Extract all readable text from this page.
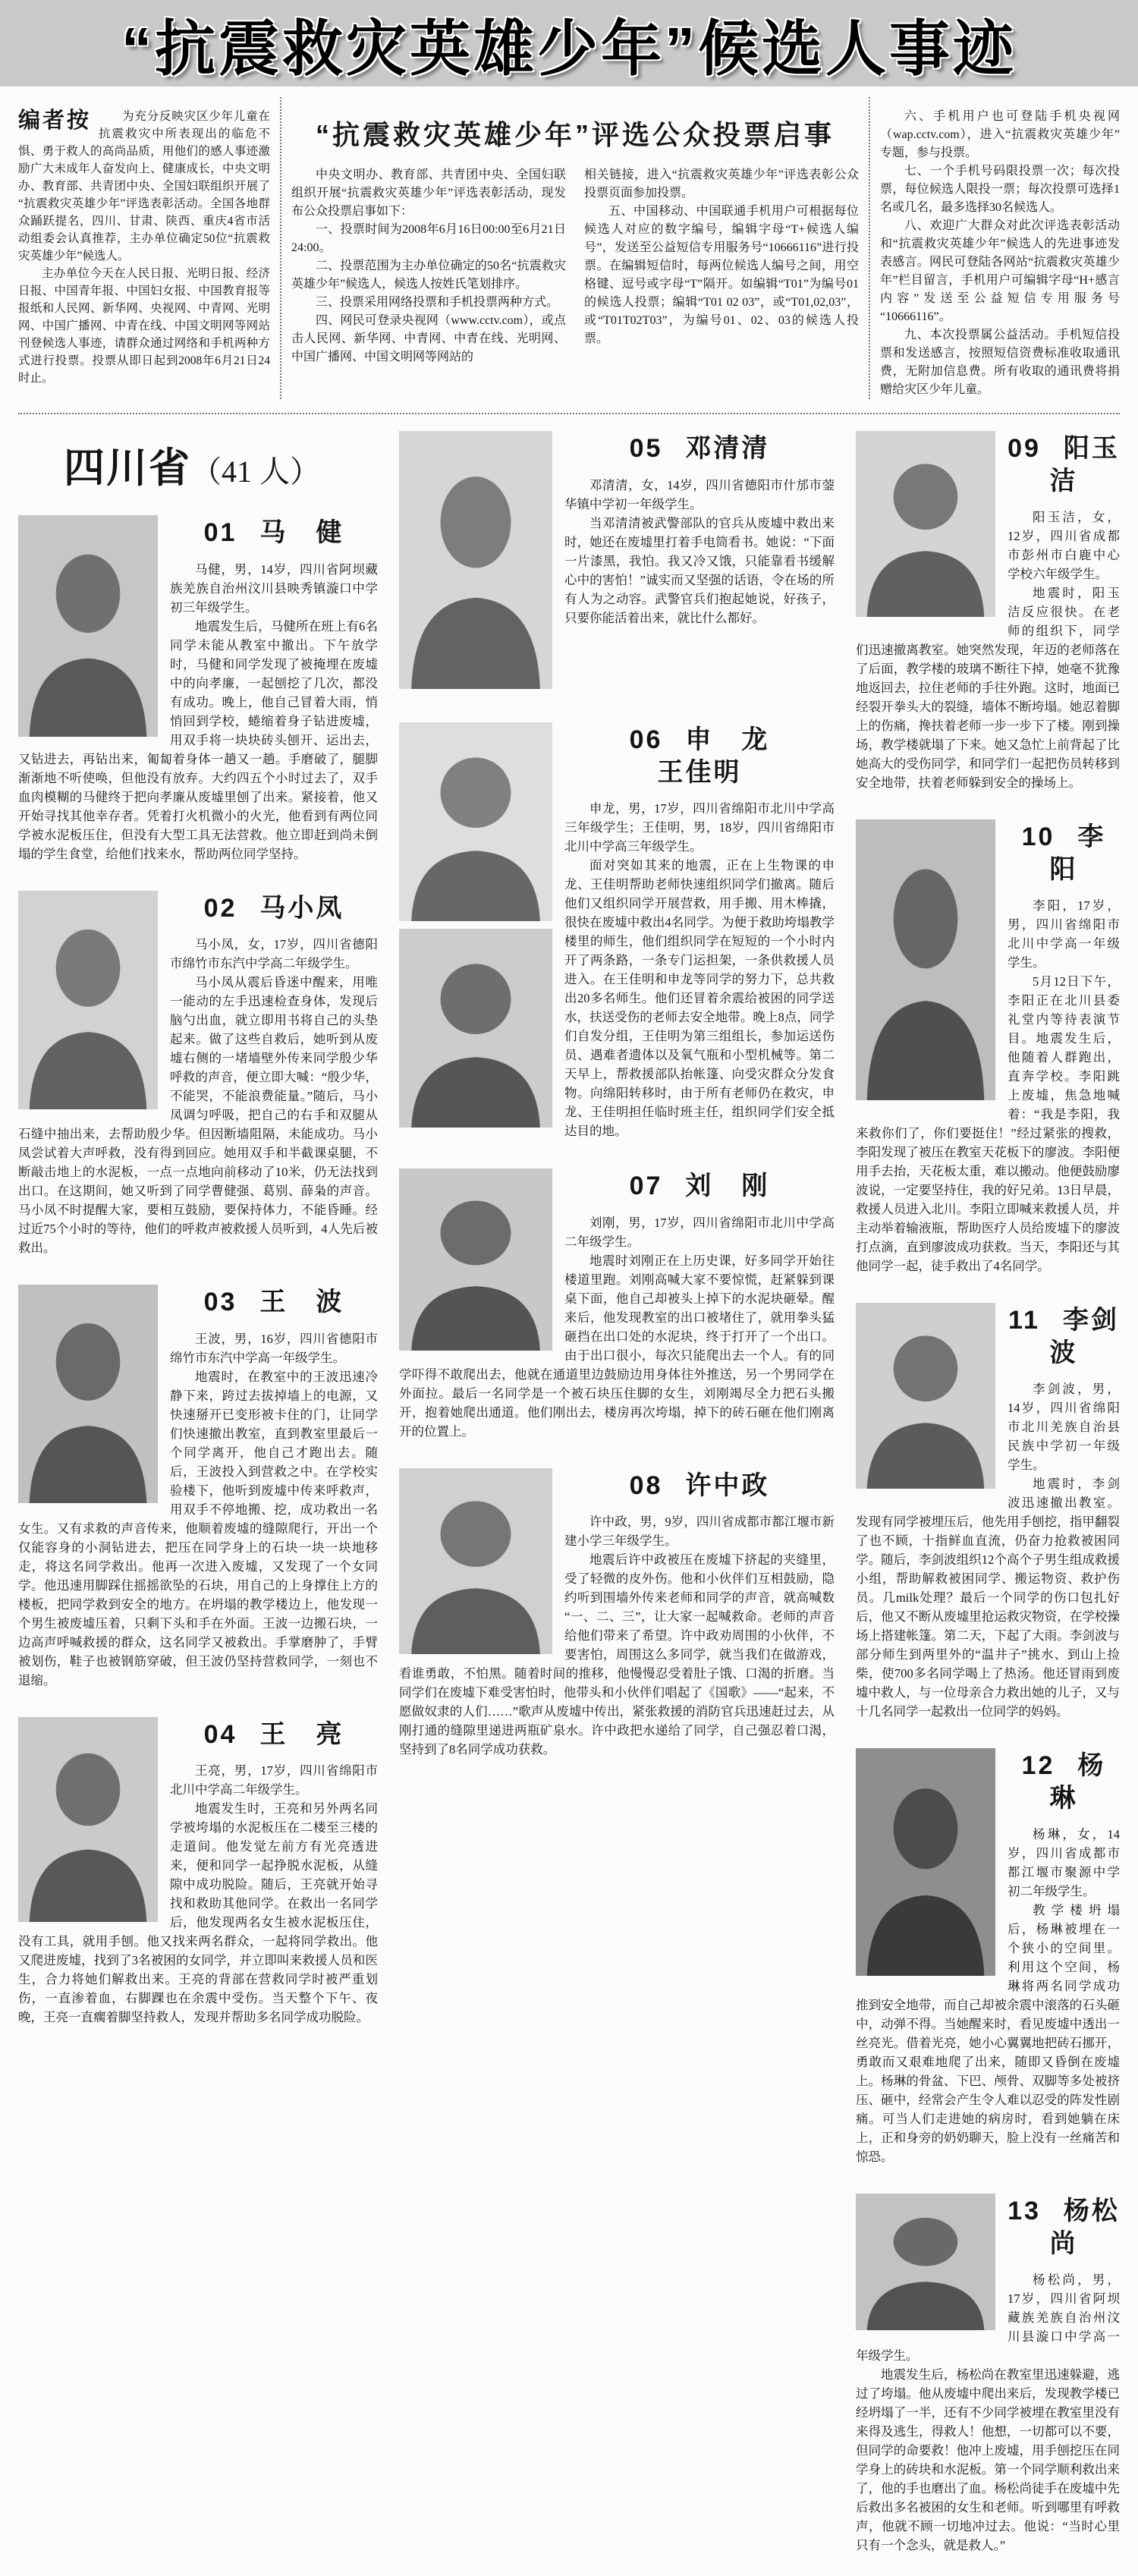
“抗震救灾英雄少年”候选人事迹
编者按	为充分反映灾区少年儿童在抗震救灾中所表现出的临危不惧、勇于救人的高尚品质，用他们的感人事迹激励广大未成年人奋发向上、健康成长，中央文明办、教育部、共青团中央、全国妇联组织开展了“抗震救灾英雄少年”评选表彰活动。全国各地群众踊跃提名，四川、甘肃、陕西、重庆4省市活动组委会认真推荐，主办单位确定50位“抗震救灾英雄少年”候选人。

主办单位今天在人民日报、光明日报、经济日报、中国青年报、中国妇女报、中国教育报等报纸和人民网、新华网、央视网、中青网、光明网、中国广播网、中青在线、中国文明网等网站刊登候选人事迹，请群众通过网络和手机两种方式进行投票。投票从即日起到2008年6月21日24时止。

“抗震救灾英雄少年”评选公众投票启事

中央文明办、教育部、共青团中央、全国妇联组织开展“抗震救灾英雄少年”评选表彰活动，现发布公众投票启事如下：

一、投票时间为2008年6月16日00:00至6月21日24:00。

二、投票范围为主办单位确定的50名“抗震救灾英雄少年”候选人，候选人按姓氏笔划排序。

三、投票采用网络投票和手机投票两种方式。

四、网民可登录央视网（www.cctv.com），或点击人民网、新华网、中青网、中青在线、光明网、中国广播网、中国文明网等网站的

相关链接，进入“抗震救灾英雄少年”评选表彰公众投票页面参加投票。

五、中国移动、中国联通手机用户可根据每位候选人对应的数字编号，编辑字母“T+候选人编号”，发送至公益短信专用服务号“10666116”进行投票。在编辑短信时，每两位候选人编号之间，用空格键、逗号或字母“T”隔开。如编辑“T01”为编号01的候选人投票；编辑“T01 02 03”，或“T01,02,03”，或“T01T02T03”，为编号01、02、03的候选人投票。

六、手机用户也可登陆手机央视网（wap.cctv.com），进入“抗震救灾英雄少年”专题，参与投票。

七、一个手机号码限投票一次；每次投票，每位候选人限投一票；每次投票可选择1名或几名，最多选择30名候选人。

八、欢迎广大群众对此次评选表彰活动和“抗震救灾英雄少年”候选人的先进事迹发表感言。网民可登陆各网站“抗震救灾英雄少年”栏目留言，手机用户可编辑字母“H+感言内容”发送至公益短信专用服务号“10666116”。

九、本次投票属公益活动。手机短信投票和发送感言，按照短信资费标准收取通讯费，无附加信息费。所有收取的通讯费将捐赠给灾区少年儿童。

四川省（41 人）
01 马　健

马健，男，14岁，四川省阿坝藏族羌族自治州汶川县映秀镇漩口中学初三年级学生。

地震发生后，马健所在班上有6名同学未能从教室中撤出。下午放学时，马健和同学发现了被掩埋在废墟中的向孝廉，一起刨挖了几次，都没有成功。晚上，他自己冒着大雨，悄悄回到学校，蜷缩着身子钻进废墟，用双手将一块块砖头刨开、运出去，又钻进去，再钻出来，匍匐着身体一趟又一趟。手磨破了，腿脚渐渐地不听使唤，但他没有放弃。大约四五个小时过去了，双手血肉模糊的马健终于把向孝廉从废墟里刨了出来。紧接着，他又开始寻找其他幸存者。凭着打火机微小的火光，他看到有两位同学被水泥板压住，但没有大型工具无法营救。他立即赶到尚未倒塌的学生食堂，给他们找来水，帮助两位同学坚持。

02 马小凤

马小凤，女，17岁，四川省德阳市绵竹市东汽中学高二年级学生。

马小凤从震后昏迷中醒来，用唯一能动的左手迅速检查身体，发现后脑勺出血，就立即用书将自己的头垫起来。做了这些自救后，她听到从废墟右侧的一堵墙壁外传来同学殷少华呼救的声音，便立即大喊：“殷少华，不能哭，不能浪费能量。”随后，马小凤调匀呼吸，把自己的右手和双腿从石缝中抽出来，去帮助殷少华。但因断墙阻隔，未能成功。马小凤尝试着大声呼救，没有得到回应。她用双手和半截课桌腿，不断敲击地上的水泥板，一点一点地向前移动了10米，仍无法找到出口。在这期间，她又听到了同学曹健强、葛别、薛枭的声音。马小凤不时提醒大家，要相互鼓励，要保持体力，不能昏睡。经过近75个小时的等待，他们的呼救声被救援人员听到，4人先后被救出。

03 王　波

王波，男，16岁，四川省德阳市绵竹市东汽中学高一年级学生。

地震时，在教室中的王波迅速冷静下来，跨过去拔掉墙上的电源，又快速掰开已变形被卡住的门，让同学们快速撤出教室，直到教室里最后一个同学离开，他自己才跑出去。随后，王波投入到营救之中。在学校实验楼下，他听到废墟中传来呼救声，用双手不停地搬、挖，成功救出一名女生。又有求救的声音传来，他顺着废墟的缝隙爬行，开出一个仅能容身的小洞钻进去，把压在同学身上的石块一块一块地移走，将这名同学救出。他再一次进入废墟，又发现了一个女同学。他迅速用脚踩住摇摇欲坠的石块，用自己的上身撑住上方的楼板，把同学救到安全的地方。在坍塌的教学楼边上，他发现一个男生被废墟压着，只剩下头和手在外面。王波一边搬石块，一边高声呼喊救援的群众，这名同学又被救出。手掌磨肿了，手臂被划伤，鞋子也被钢筋穿破，但王波仍坚持营救同学，一刻也不退缩。

04 王　亮

王亮，男，17岁，四川省绵阳市北川中学高二年级学生。

地震发生时，王亮和另外两名同学被垮塌的水泥板压在二楼至三楼的走道间。他发觉左前方有光亮透进来，便和同学一起挣脱水泥板，从缝隙中成功脱险。随后，王亮就开始寻找和救助其他同学。在救出一名同学后，他发现两名女生被水泥板压住，没有工具，就用手刨。他又找来两名群众，一起将同学救出。他又爬进废墟，找到了3名被困的女同学，并立即叫来救援人员和医生，合力将她们解救出来。王亮的背部在营救同学时被严重划伤，一直渗着血，右脚踝也在余震中受伤。当天整个下午、夜晚，王亮一直瘸着脚坚持救人，发现并帮助多名同学成功脱险。

05 邓清清

邓清清，女，14岁，四川省德阳市什邡市蓥华镇中学初一年级学生。

当邓清清被武警部队的官兵从废墟中救出来时，她还在废墟里打着手电筒看书。她说：“下面一片漆黑，我怕。我又冷又饿，只能靠看书缓解心中的害怕！”诚实而又坚强的话语，令在场的所有人为之动容。武警官兵们抱起她说，好孩子，只要你能活着出来，就比什么都好。

06 申　龙
王佳明

申龙，男，17岁，四川省绵阳市北川中学高三年级学生；王佳明，男，18岁，四川省绵阳市北川中学高三年级学生。

面对突如其来的地震，正在上生物课的申龙、王佳明帮助老师快速组织同学们撤离。随后他们又组织同学开展营救，用手搬、用木棒撬，很快在废墟中救出4名同学。为便于救助垮塌教学楼里的师生，他们组织同学在短短的一个小时内开了两条路，一条专门运担架，一条供救援人员进入。在王佳明和申龙等同学的努力下，总共救出20多名师生。他们还冒着余震给被困的同学送水，扶送受伤的老师去安全地带。晚上8点，同学们自发分组，王佳明为第三组组长，参加运送伤员、遇难者遗体以及氧气瓶和小型机械等。第二天早上，帮救援部队抬帐篷、向受灾群众分发食物。向绵阳转移时，由于所有老师仍在救灾，申龙、王佳明担任临时班主任，组织同学们安全抵达目的地。

07 刘　刚

刘刚，男，17岁，四川省绵阳市北川中学高二年级学生。

地震时刘刚正在上历史课，好多同学开始往楼道里跑。刘刚高喊大家不要惊慌，赶紧躲到课桌下面，他自己却被头上掉下的水泥块砸晕。醒来后，他发现教室的出口被堵住了，就用拳头猛砸挡在出口处的水泥块，终于打开了一个出口。由于出口很小，每次只能爬出去一个人。有的同学吓得不敢爬出去，他就在通道里边鼓励边用身体往外推送，另一个男同学在外面拉。最后一名同学是一个被石块压住脚的女生，刘刚竭尽全力把石头搬开，抱着她爬出通道。他们刚出去，楼房再次垮塌，掉下的砖石砸在他们刚离开的位置上。

08 许中政

许中政，男，9岁，四川省成都市都江堰市新建小学三年级学生。

地震后许中政被压在废墟下挤起的夹缝里，受了轻微的皮外伤。他和小伙伴们互相鼓励，隐约听到围墙外传来老师和同学的声音，就高喊数“一、二、三”，让大家一起喊救命。老师的声音给他们带来了希望。许中政劝周围的小伙伴，不要害怕，周围这么多同学，就当我们在做游戏，看谁勇敢，不怕黑。随着时间的推移，他慢慢忍受着肚子饿、口渴的折磨。当同学们在废墟下难受害怕时，他带头和小伙伴们唱起了《国歌》——“起来，不愿做奴隶的人们……”歌声从废墟中传出，紧张救援的消防官兵迅速赶过去，从刚打通的缝隙里递进两瓶矿泉水。许中政把水递给了同学，自己强忍着口渴，坚持到了8名同学成功获救。

09 阳玉洁

阳玉洁，女，12岁，四川省成都市彭州市白鹿中心学校六年级学生。

地震时，阳玉洁反应很快。在老师的组织下，同学们迅速撤离教室。她突然发现，年迈的老师落在了后面，教学楼的玻璃不断往下掉，她毫不犹豫地返回去，拉住老师的手往外跑。这时，地面已经裂开拳头大的裂缝，墙体不断垮塌。她忍着脚上的伤痛，搀扶着老师一步一步下了楼。刚到操场，教学楼就塌了下来。她又急忙上前背起了比她高大的受伤同学，和同学们一起把伤员转移到安全地带，扶着老师躲到安全的操场上。

10 李　阳

李阳，17岁，男，四川省绵阳市北川中学高一年级学生。

5月12日下午，李阳正在北川县委礼堂内等待表演节目。地震发生后，他随着人群跑出，直奔学校。李阳跳上废墟，焦急地喊着：“我是李阳，我来救你们了，你们要挺住！”经过紧张的搜救，李阳发现了被压在教室天花板下的廖波。李阳便用手去抬，天花板太重，难以搬动。他便鼓励廖波说，一定要坚持住，我的好兄弟。13日早晨，救援人员进入北川。李阳立即喊来救援人员，并主动举着输液瓶，帮助医疗人员给废墟下的廖波打点滴，直到廖波成功获救。当天，李阳还与其他同学一起，徒手救出了4名同学。

11 李剑波

李剑波，男，14岁，四川省绵阳市北川羌族自治县民族中学初一年级学生。

地震时，李剑波迅速撤出教室。发现有同学被埋压后，他先用手刨挖，指甲翻裂了也不顾，十指鲜血直流，仍奋力抢救被困同学。随后，李剑波组织12个高个子男生组成救援小组，帮助解救被困同学、搬运物资、救护伤员。几milk处理？最后一个同学的伤口包扎好后，他又不断从废墟里抢运救灾物资，在学校操场上搭建帐篷。第二天，下起了大雨。李剑波与部分师生到两里外的“温井子”挑水、到山上捡柴，使700多名同学喝上了热汤。他还冒雨到废墟中救人，与一位母亲合力救出她的儿子，又与十几名同学一起救出一位同学的妈妈。

12 杨　琳

杨琳，女，14岁，四川省成都市都江堰市聚源中学初二年级学生。

教学楼坍塌后，杨琳被埋在一个狭小的空间里。利用这个空间，杨琳将两名同学成功推到安全地带，而自己却被余震中滚落的石头砸中，动弹不得。当她醒来时，看见废墟中透出一丝亮光。借着光亮，她小心翼翼地把砖石挪开，勇敢而又艰难地爬了出来，随即又昏倒在废墟上。杨琳的骨盆、下巴、颅骨、双脚等多处被挤压、砸中，经常会产生令人难以忍受的阵发性剧痛。可当人们走进她的病房时，看到她躺在床上，正和身旁的奶奶聊天，脸上没有一丝痛苦和惊恐。

13 杨松尚

杨松尚，男，17岁，四川省阿坝藏族羌族自治州汶川县漩口中学高一年级学生。

地震发生后，杨松尚在教室里迅速躲避，逃过了垮塌。他从废墟中爬出来后，发现教学楼已经坍塌了一半，还有不少同学被埋在教室里没有来得及逃生，得救人！他想，一切都可以不要，但同学的命要救！他冲上废墟，用手刨挖压在同学身上的砖块和水泥板。第一个同学顺利救出来了，他的手也磨出了血。杨松尚徒手在废墟中先后救出多名被困的女生和老师。听到哪里有呼救声，他就不顾一切地冲过去。他说：“当时心里只有一个念头，就是救人。”
